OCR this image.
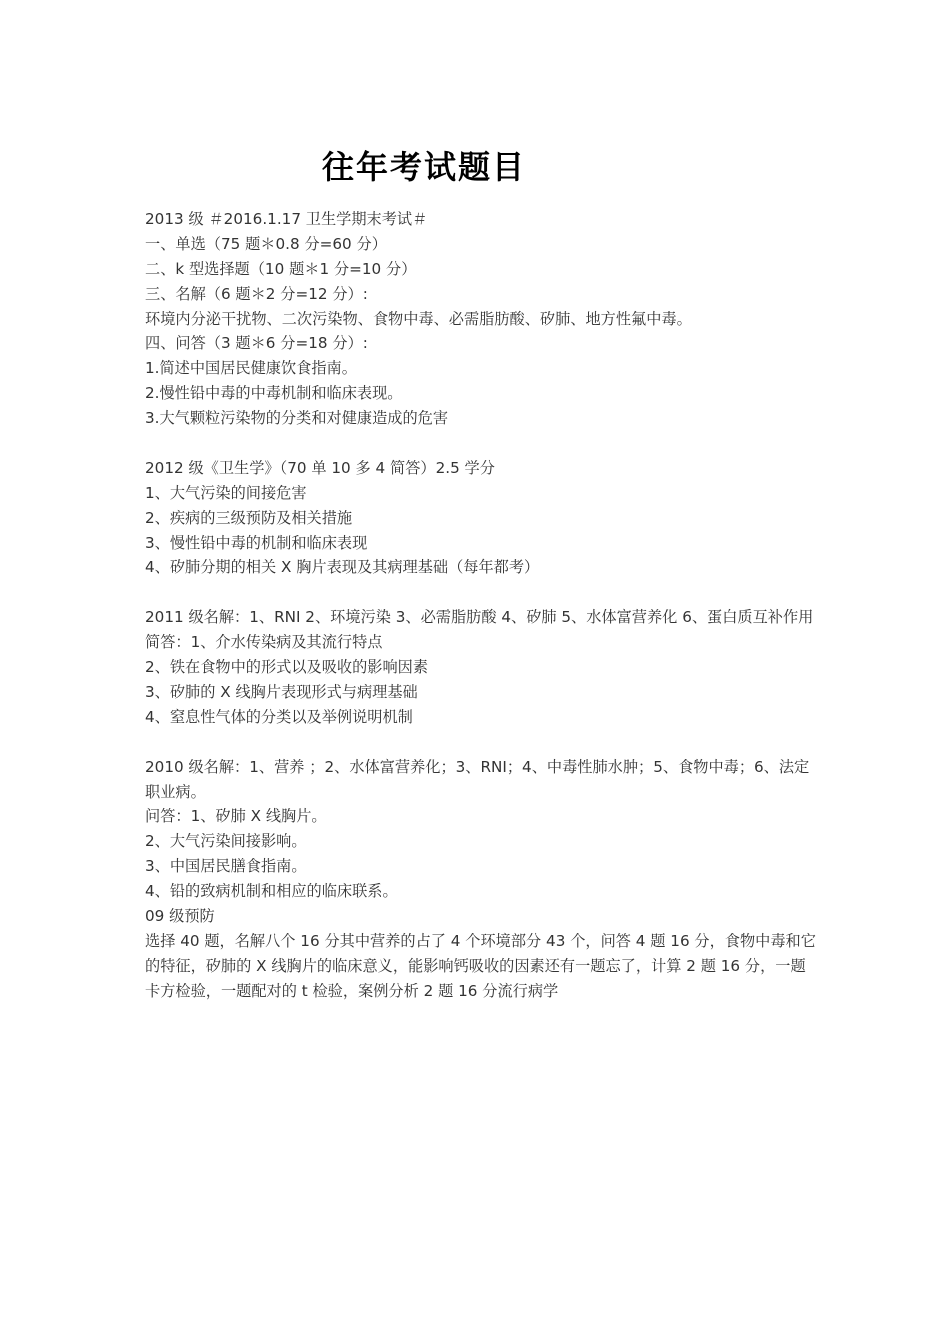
往年考试题目
2013 级 ＃2016.1.17 卫生学期末考试＃
一、单选（75 题＊0.8 分=60 分）
二、k 型选择题（10 题＊1 分=10 分）
三、名解（6 题＊2 分=12 分）:
环境内分泌干扰物、二次污染物、食物中毒、必需脂肪酸、矽肺、地方性氟中毒。
四、问答（3 题＊6 分=18 分）:
1.简述中国居民健康饮食指南。
2.慢性铅中毒的中毒机制和临床表现。
3.大气颗粒污染物的分类和对健康造成的危害
2012 级《卫生学》（70 单 10 多 4 简答）2.5 学分
1、大气污染的间接危害
2、疾病的三级预防及相关措施
3、慢性铅中毒的机制和临床表现
4、矽肺分期的相关 X 胸片表现及其病理基础（每年都考）
2011 级名解：1、RNI 2、环境污染 3、必需脂肪酸 4、矽肺 5、水体富营养化 6、蛋白质互补作用 简答：1、介水传染病及其流行特点
2、铁在食物中的形式以及吸收的影响因素
3、矽肺的 X 线胸片表现形式与病理基础
4、窒息性气体的分类以及举例说明机制
2010 级名解：1、营养 ；2、水体富营养化；3、RNI；4、中毒性肺水肿；5、食物中毒；6、法定职业病。
问答：1、矽肺 X 线胸片。
2、大气污染间接影响。
3、中国居民膳食指南。
4、铅的致病机制和相应的临床联系。
09 级预防
选择 40 题，名解八个 16 分其中营养的占了 4 个环境部分 43 个，问答 4 题 16 分，食物中毒和它的特征，矽肺的 X 线胸片的临床意义，能影响钙吸收的因素还有一题忘了，计算 2 题 16 分，一题卡方检验，一题配对的 t 检验，案例分析 2 题 16 分流行病学
